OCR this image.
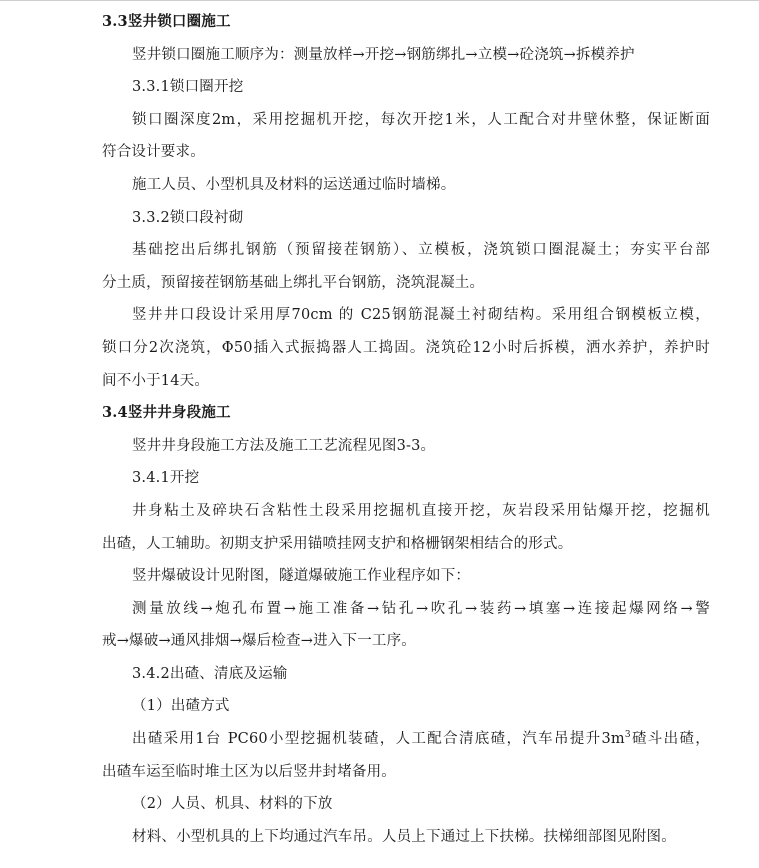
3.3竖井锁口圈施工
竖井锁口圈施工顺序为：测量放样→开挖→钢筋绑扎→立模→砼浇筑→拆模养护
3.3.1锁口圈开挖
锁口圈深度2m，采用挖掘机开挖，每次开挖1米，人工配合对井壁休整，保证断面
符合设计要求。
施工人员、小型机具及材料的运送通过临时墙梯。
3.3.2锁口段衬砌
基础挖出后绑扎钢筋（预留接茬钢筋）、立模板，浇筑锁口圈混凝土；夯实平台部
分土质，预留接茬钢筋基础上绑扎平台钢筋，浇筑混凝土。
竖井井口段设计采用厚70cm 的 C25钢筋混凝土衬砌结构。采用组合钢模板立模，
锁口分2次浇筑，Φ50插入式振捣器人工捣固。浇筑砼12小时后拆模，洒水养护，养护时
间不小于14天。
3.4竖井井身段施工
竖井井身段施工方法及施工工艺流程见图3-3。
3.4.1开挖
井身粘土及碎块石含粘性土段采用挖掘机直接开挖，灰岩段采用钻爆开挖，挖掘机
出碴，人工辅助。初期支护采用锚喷挂网支护和格栅钢架相结合的形式。
竖井爆破设计见附图，隧道爆破施工作业程序如下：
测量放线→炮孔布置→施工准备→钻孔→吹孔→装药→填塞→连接起爆网络→警
戒→爆破→通风排烟→爆后检查→进入下一工序。
3.4.2出碴、清底及运输
（1）出碴方式
出碴采用1台 PC60小型挖掘机装碴，人工配合清底碴，汽车吊提升$3m^3$碴斗出碴，
出碴车运至临时堆土区为以后竖井封堵备用。
（2）人员、机具、材料的下放
材料、小型机具的上下均通过汽车吊。人员上下通过上下扶梯。扶梯细部图见附图。
